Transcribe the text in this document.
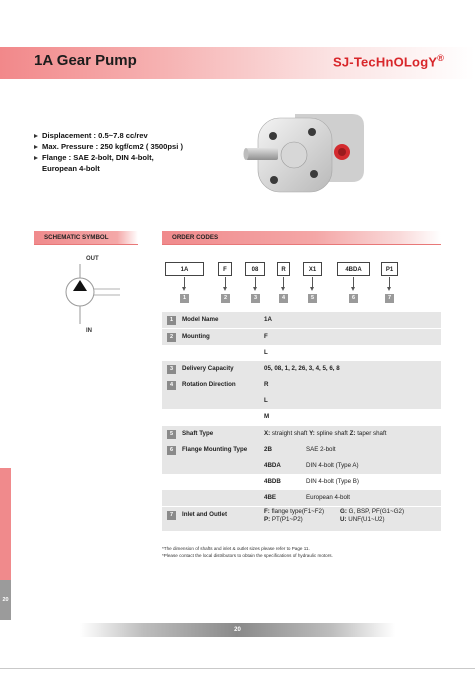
1A Gear Pump	SJ-TecHnOLogY®
Displacement : 0.5~7.8 cc/rev
Max. Pressure : 250 kgf/cm2 ( 3500psi )
Flange : SAE 2-bolt, DIN 4-bolt,
European 4-bolt
SCHEMATIC SYMBOL	ORDER CODES
OUT
IN
1A	F	08	R	X1	4BDA	P1
1	2	3	4	5	6	7
1	Model Name	1A
2	Mounting	F
L
3	Delivery Capacity	05, 08, 1, 2, 26, 3, 4, 5, 6, 8
4	Rotation Direction	R
L
M
5	Shaft Type	X: straight shaft Y: spline shaft Z: taper shaft
6	Flange Mounting Type	2B	SAE 2-bolt
4BDA	DIN 4-bolt (Type A)
4BDB	DIN 4-bolt (Type B)
4BE	European 4-bolt
7	Inlet and Outlet	F: flange type(F1~F2)	G: G, BSP, PF(G1~G2)
P: PT(P1~P2)	U: UNF(U1~U2)
*The dimension of shafts and inlet & outlet sizes please refer to Page 11.
*Please contact the local distributors to obtain the specifications of hydraulic motors.
20
20
